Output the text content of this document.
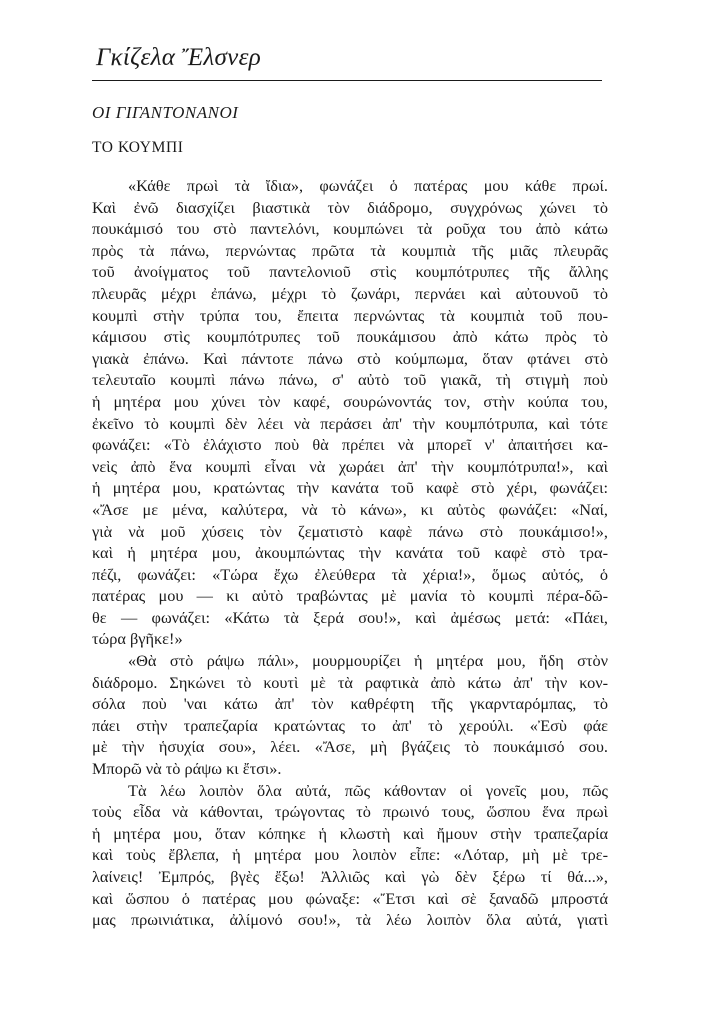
Γκίζελα Ἔλσνερ
ΟΙ ΓΙΓΑΝΤΟΝΑΝΟΙ
ΤΟ ΚΟΥΜΠΙ
«Κάθε πρωὶ τὰ ἴδια», φωνάζει ὁ πατέρας μου κάθε πρωί.
Καὶ ἐνῶ διασχίζει βιαστικὰ τὸν διάδρομο, συγχρόνως χώνει τὸ
πουκάμισό του στὸ παντελόνι, κουμπώνει τὰ ροῦχα του ἀπὸ κάτω
πρὸς τὰ πάνω, περνώντας πρῶτα τὰ κουμπιὰ τῆς μιᾶς πλευρᾶς
τοῦ ἀνοίγματος τοῦ παντελονιοῦ στὶς κουμπότρυπες τῆς ἄλλης
πλευρᾶς μέχρι ἐπάνω, μέχρι τὸ ζωνάρι, περνάει καὶ αὐτουνοῦ τὸ
κουμπὶ στὴν τρύπα του, ἔπειτα περνώντας τὰ κουμπιὰ τοῦ που-
κάμισου στὶς κουμπότρυπες τοῦ πουκάμισου ἀπὸ κάτω πρὸς τὸ
γιακὰ ἐπάνω. Καὶ πάντοτε πάνω στὸ κούμπωμα, ὅταν φτάνει στὸ
τελευταῖο κουμπὶ πάνω πάνω, σ' αὐτὸ τοῦ γιακᾶ, τὴ στιγμὴ ποὺ
ἡ μητέρα μου χύνει τὸν καφέ, σουρώνοντάς τον, στὴν κούπα του,
ἐκεῖνο τὸ κουμπὶ δὲν λέει νὰ περάσει ἀπ' τὴν κουμπότρυπα, καὶ τότε
φωνάζει: «Τὸ ἐλάχιστο ποὺ θὰ πρέπει νὰ μπορεῖ ν' ἀπαιτήσει κα-
νεὶς ἀπὸ ἕνα κουμπὶ εἶναι νὰ χωράει ἀπ' τὴν κουμπότρυπα!», καὶ
ἡ μητέρα μου, κρατώντας τὴν κανάτα τοῦ καφὲ στὸ χέρι, φωνάζει:
«Ἄσε με μένα, καλύτερα, νὰ τὸ κάνω», κι αὐτὸς φωνάζει: «Ναί,
γιὰ νὰ μοῦ χύσεις τὸν ζεματιστὸ καφὲ πάνω στὸ πουκάμισο!»,
καὶ ἡ μητέρα μου, ἀκουμπώντας τὴν κανάτα τοῦ καφὲ στὸ τρα-
πέζι, φωνάζει: «Τώρα ἔχω ἐλεύθερα τὰ χέρια!», ὅμως αὐτός, ὁ
πατέρας μου — κι αὐτὸ τραβώντας μὲ μανία τὸ κουμπὶ πέρα-δῶ-
θε — φωνάζει: «Κάτω τὰ ξερά σου!», καὶ ἀμέσως μετά: «Πάει,
τώρα βγῆκε!»
«Θὰ στὸ ράψω πάλι», μουρμουρίζει ἡ μητέρα μου, ἤδη στὸν
διάδρομο. Σηκώνει τὸ κουτὶ μὲ τὰ ραφτικὰ ἀπὸ κάτω ἀπ' τὴν κον-
σόλα ποὺ 'ναι κάτω ἀπ' τὸν καθρέφτη τῆς γκαρνταρόμπας, τὸ
πάει στὴν τραπεζαρία κρατώντας το ἀπ' τὸ χερούλι. «Ἐσὺ φάε
μὲ τὴν ἡσυχία σου», λέει. «Ἄσε, μὴ βγάζεις τὸ πουκάμισό σου.
Μπορῶ νὰ τὸ ράψω κι ἔτσι».
Τὰ λέω λοιπὸν ὅλα αὐτά, πῶς κάθονταν οἱ γονεῖς μου, πῶς
τοὺς εἶδα νὰ κάθονται, τρώγοντας τὸ πρωινό τους, ὥσπου ἕνα πρωὶ
ἡ μητέρα μου, ὅταν κόπηκε ἡ κλωστὴ καὶ ἤμουν στὴν τραπεζαρία
καὶ τοὺς ἔβλεπα, ἡ μητέρα μου λοιπὸν εἶπε: «Λόταρ, μὴ μὲ τρε-
λαίνεις! Ἐμπρός, βγὲς ἔξω! Ἀλλιῶς καὶ γὼ δὲν ξέρω τί θά...»,
καὶ ὥσπου ὁ πατέρας μου φώναξε: «Ἔτσι καὶ σὲ ξαναδῶ μπροστά
μας πρωινιάτικα, ἀλίμονό σου!», τὰ λέω λοιπὸν ὅλα αὐτά, γιατὶ
